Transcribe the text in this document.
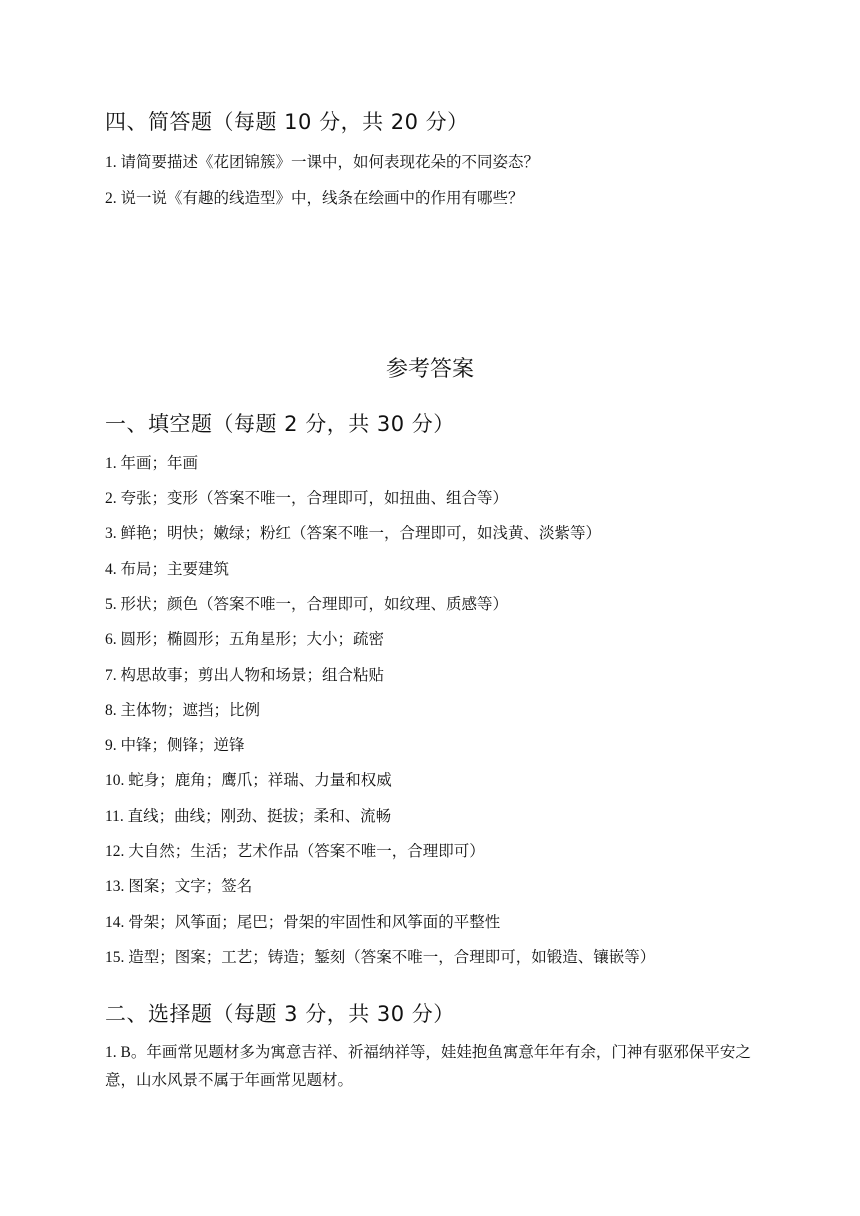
四、简答题（每题 10 分，共 20 分）
1. 请简要描述《花团锦簇》一课中，如何表现花朵的不同姿态？
2. 说一说《有趣的线造型》中，线条在绘画中的作用有哪些？
参考答案
一、填空题（每题 2 分，共 30 分）
1. 年画；年画
2. 夸张；变形（答案不唯一，合理即可，如扭曲、组合等）
3. 鲜艳；明快；嫩绿；粉红（答案不唯一，合理即可，如浅黄、淡紫等）
4. 布局；主要建筑
5. 形状；颜色（答案不唯一，合理即可，如纹理、质感等）
6. 圆形；椭圆形；五角星形；大小；疏密
7. 构思故事；剪出人物和场景；组合粘贴
8. 主体物；遮挡；比例
9. 中锋；侧锋；逆锋
10. 蛇身；鹿角；鹰爪；祥瑞、力量和权威
11. 直线；曲线；刚劲、挺拔；柔和、流畅
12. 大自然；生活；艺术作品（答案不唯一，合理即可）
13. 图案；文字；签名
14. 骨架；风筝面；尾巴；骨架的牢固性和风筝面的平整性
15. 造型；图案；工艺；铸造；錾刻（答案不唯一，合理即可，如锻造、镶嵌等）
二、选择题（每题 3 分，共 30 分）
1. B。年画常见题材多为寓意吉祥、祈福纳祥等，娃娃抱鱼寓意年年有余，门神有驱邪保平安之意，山水风景不属于年画常见题材。
